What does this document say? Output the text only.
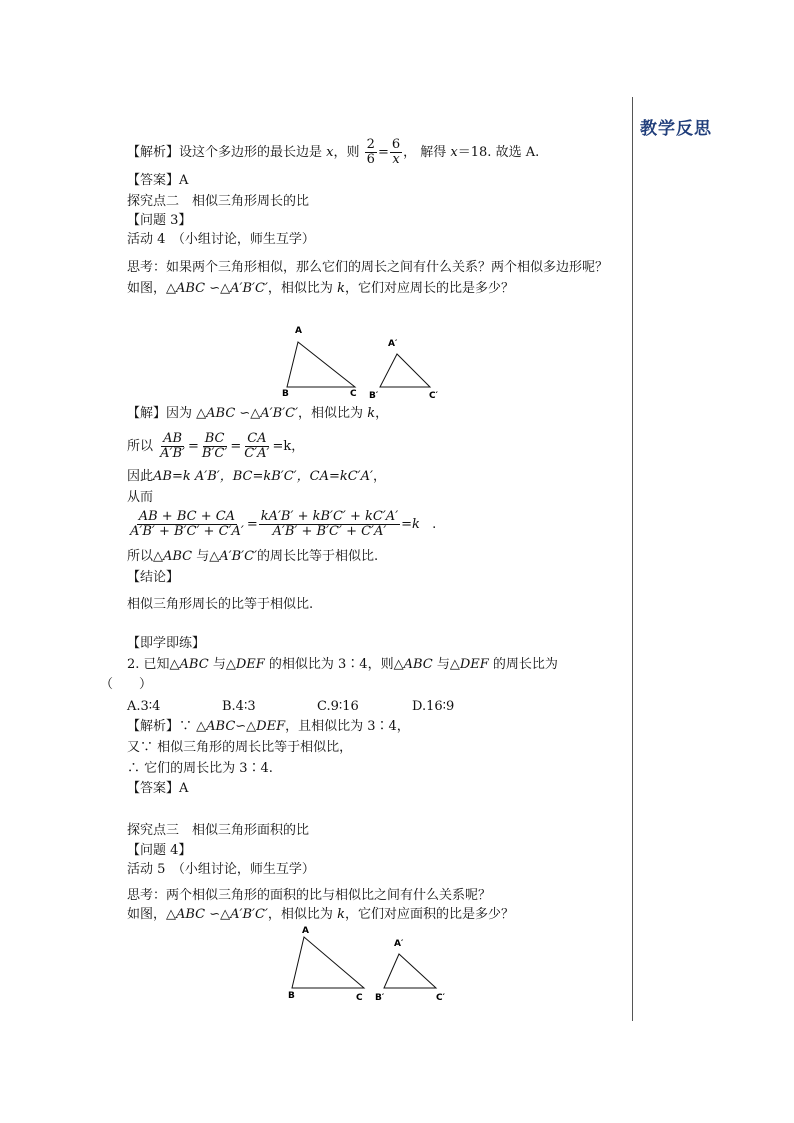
教学反思
【解析】设这个多边形的最长边是 x，则 $\frac{2}{6} = \frac{6}{x}$ ， 解得 x＝18. 故选 A.
【答案】A
探究点二　相似三角形周长的比
【问题 3】
活动 4　（小组讨论，师生互学）
思考：如果两个三角形相似，那么它们的周长之间有什么关系？两个相似多边形呢？
如图，△ABC ∽△A′B′C′，相似比为 k，它们对应周长的比是多少？
A
B	C
A′
B′	C′
【解】因为 △ABC ∽△A′B′C′，相似比为 k，
所以 $\frac{AB}{A'B'} = \frac{BC}{B'C'} = \frac{CA}{C'A'} =k$，
因此AB=k A′B′，BC=kB′C′，CA=kC′A′，
从而
$\frac{AB + BC + CA}{A'B' + B'C' + C'A'} = \frac{kA'B' + kB'C' + kC'A'}{A'B' + B'C' + C'A'} =k$ .
所以△ABC 与△A′B′C′的周长比等于相似比.
【结论】
相似三角形周长的比等于相似比.
【即学即练】
2. 已知△ABC 与△DEF 的相似比为 3∶4，则△ABC 与△DEF 的周长比为
（　　）
A.3∶4	B.4∶3	C.9∶16	D.16∶9
【解析】∵ △ABC∽△DEF，且相似比为 3∶4，
又∵ 相似三角形的周长比等于相似比，
∴ 它们的周长比为 3∶4.
【答案】A
探究点三　相似三角形面积的比
【问题 4】
活动 5　（小组讨论，师生互学）
思考：两个相似三角形的面积的比与相似比之间有什么关系呢？
如图，△ABC ∽△A′B′C′，相似比为 k，它们对应面积的比是多少？
A
B	C
A′
B′	C′
